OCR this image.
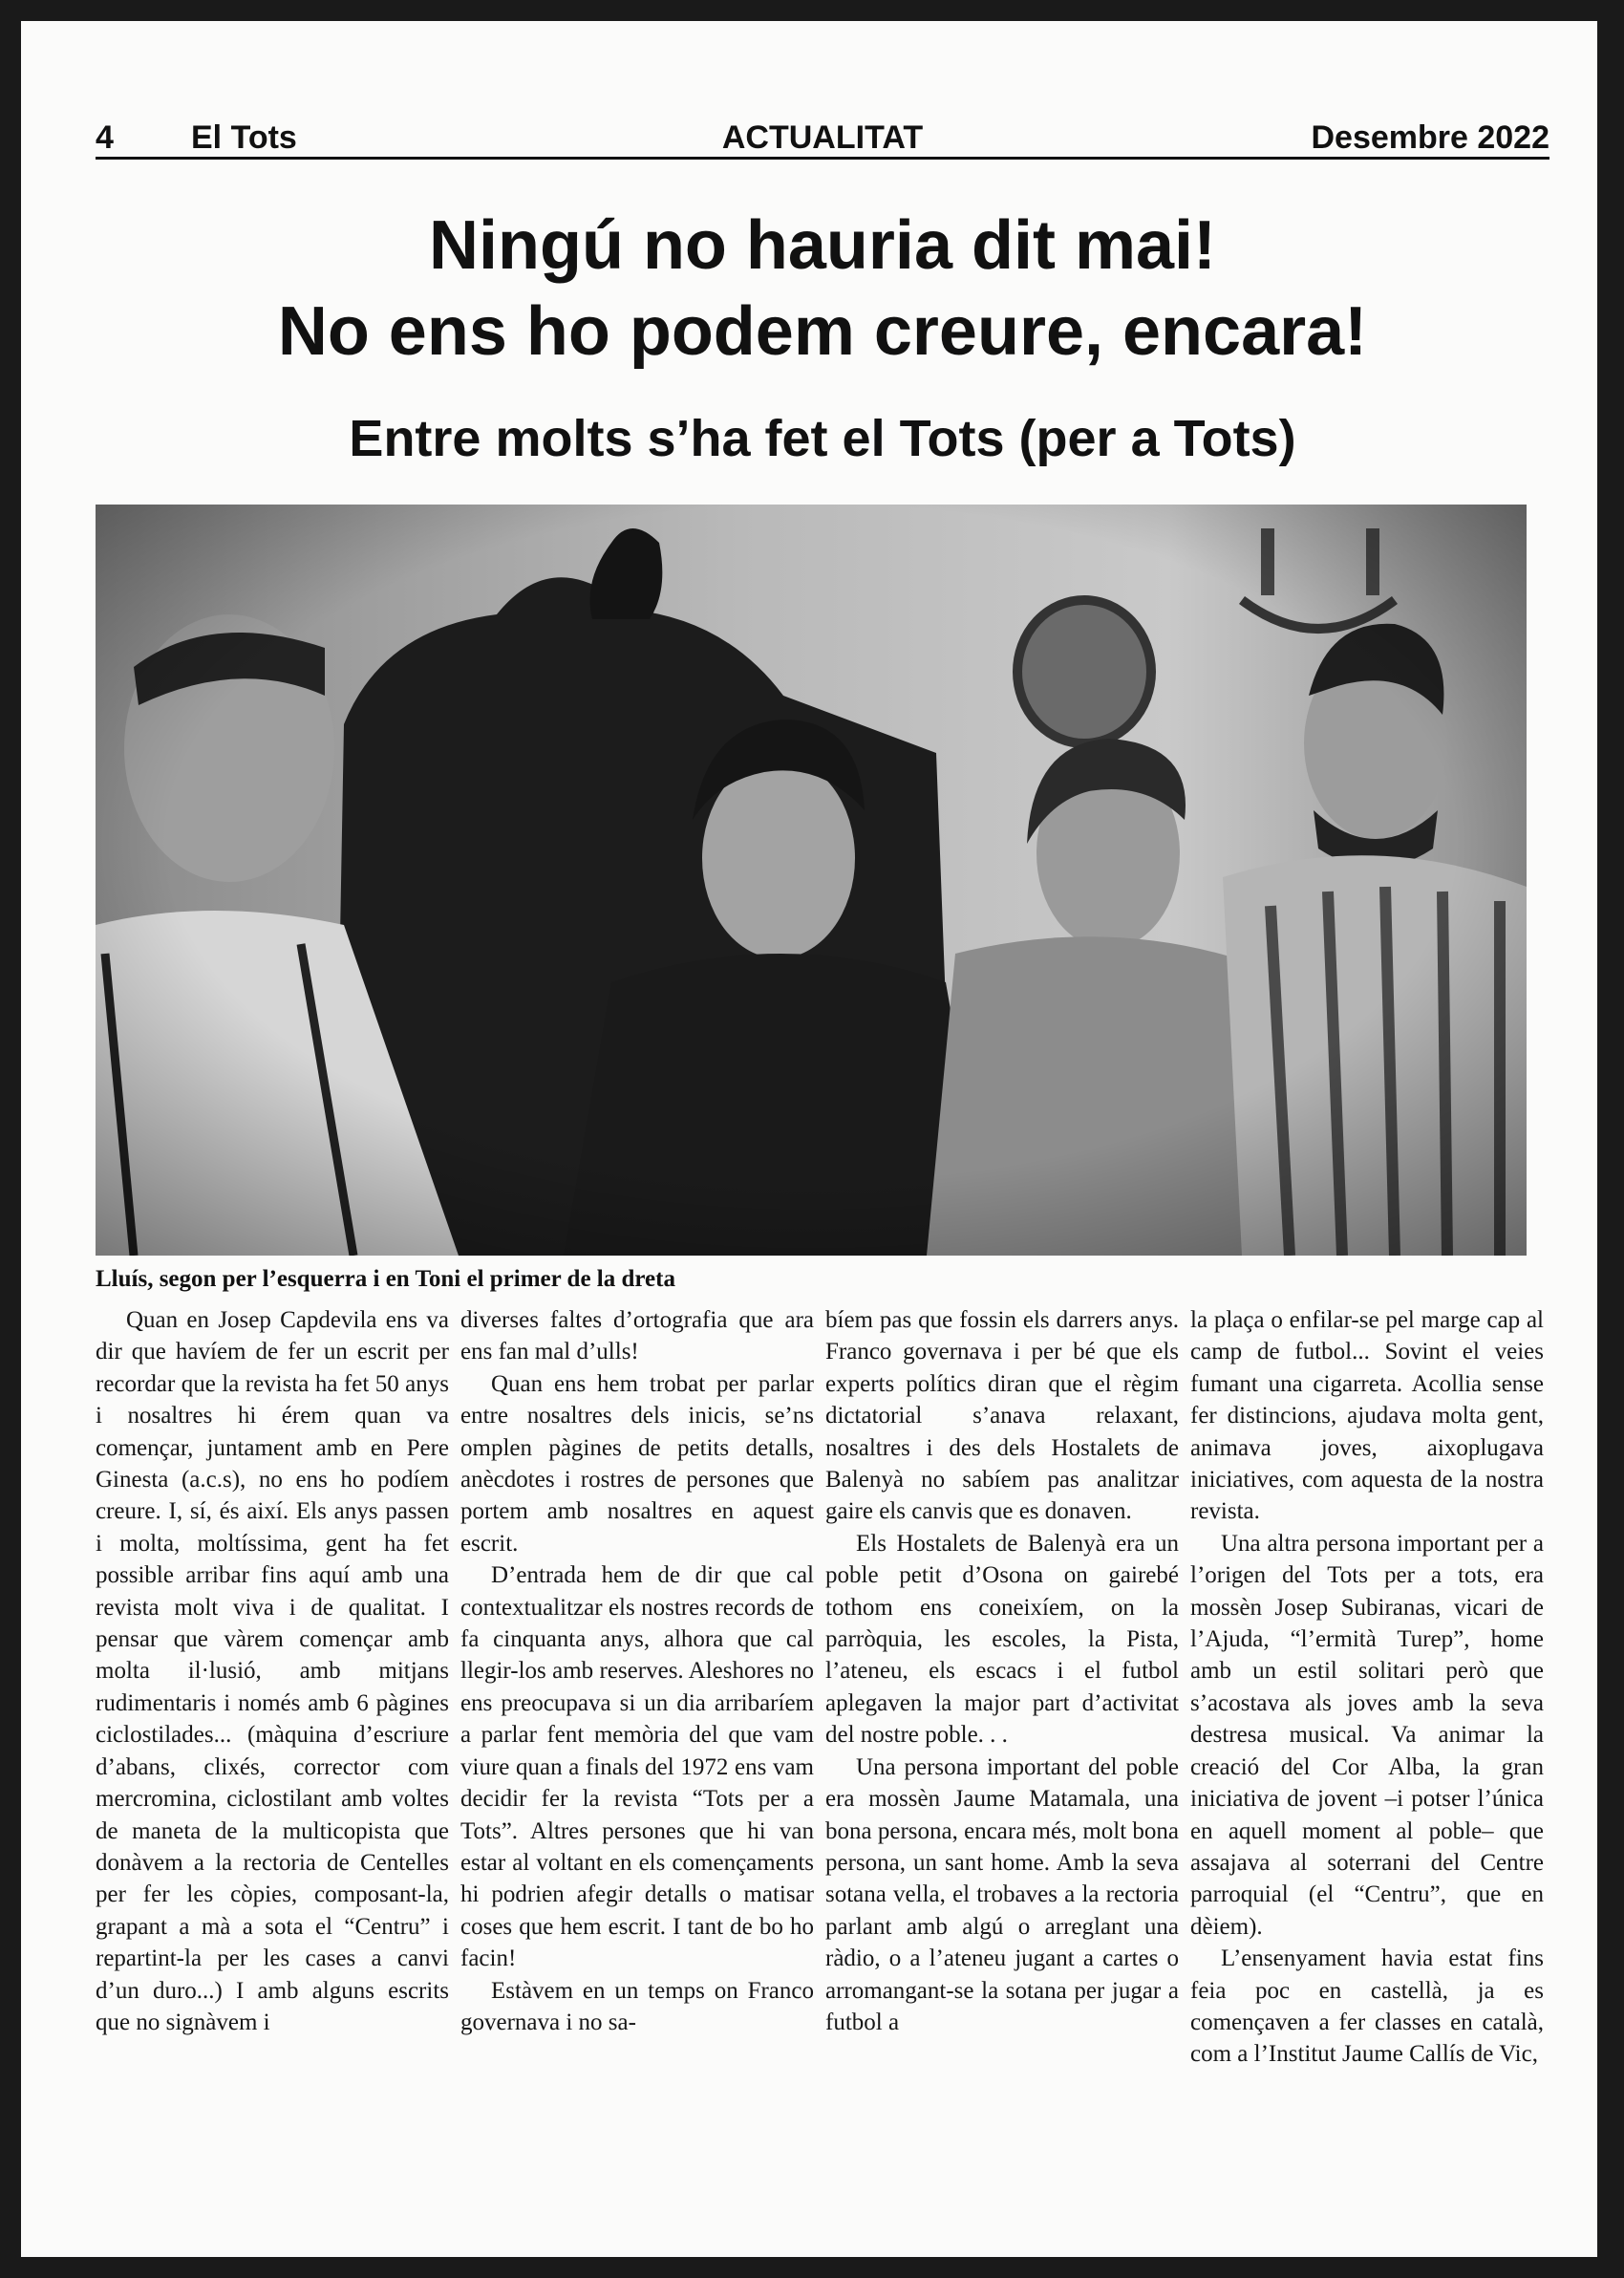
4 El Tots	ACTUALITAT	Desembre 2022
Ningú no hauria dit mai!
No ens ho podem creure, encara!
Entre molts s’ha fet el Tots (per a Tots)
Lluís, segon per l’esquerra i en Toni el primer de la dreta

Quan en Josep Capdevila ens va dir que havíem de fer un escrit per recordar que la revista ha fet 50 anys i nosaltres hi érem quan va començar, juntament amb en Pere Ginesta (a.c.s), no ens ho podíem creure. I, sí, és així. Els anys passen i molta, moltíssima, gent ha fet possible arribar fins aquí amb una revista molt viva i de qualitat. I pensar que vàrem començar amb molta il·lusió, amb mitjans rudimentaris i només amb 6 pàgines ciclostilades... (màquina d’escriure d’abans, clixés, corrector com mercromina, ciclostilant amb voltes de maneta de la multicopista que donàvem a la rectoria de Centelles per fer les còpies, composant-la, grapant a mà a sota el “Centru” i repartint-la per les cases a canvi d’un duro...) I amb alguns escrits que no signàvem i

diverses faltes d’ortografia que ara ens fan mal d’ulls!

Quan ens hem trobat per parlar entre nosaltres dels inicis, se’ns omplen pàgines de petits detalls, anècdotes i rostres de persones que portem amb nosaltres en aquest escrit.

D’entrada hem de dir que cal contextualitzar els nostres records de fa cinquanta anys, alhora que cal llegir-los amb reserves. Aleshores no ens preocupava si un dia arribaríem a parlar fent memòria del que vam viure quan a finals del 1972 ens vam decidir fer la revista “Tots per a Tots”. Altres persones que hi van estar al voltant en els començaments hi podrien afegir detalls o matisar coses que hem escrit. I tant de bo ho facin!

Estàvem en un temps on Franco governava i no sa-

bíem pas que fossin els darrers anys. Franco governava i per bé que els experts polítics diran que el règim dictatorial s’anava relaxant, nosaltres i des dels Hostalets de Balenyà no sabíem pas analitzar gaire els canvis que es donaven.

Els Hostalets de Balenyà era un poble petit d’Osona on gairebé tothom ens coneixíem, on la parròquia, les escoles, la Pista, l’ateneu, els escacs i el futbol aplegaven la major part d’activitat del nostre poble. . .

Una persona important del poble era mossèn Jaume Matamala, una bona persona, encara més, molt bona persona, un sant home. Amb la seva sotana vella, el trobaves a la rectoria parlant amb algú o arreglant una ràdio, o a l’ateneu jugant a cartes o arromangant-se la sotana per jugar a futbol a

la plaça o enfilar-se pel marge cap al camp de futbol... Sovint el veies fumant una cigarreta. Acollia sense fer distincions, ajudava molta gent, animava joves, aixoplugava iniciatives, com aquesta de la nostra revista.

Una altra persona important per a l’origen del Tots per a tots, era mossèn Josep Subiranas, vicari de l’Ajuda, “l’ermità Turep”, home amb un estil solitari però que s’acostava als joves amb la seva destresa musical. Va animar la creació del Cor Alba, la gran iniciativa de jovent –i potser l’única en aquell moment al poble– que assajava al soterrani del Centre parroquial (el “Centru”, que en dèiem).

L’ensenyament havia estat fins feia poc en castellà, ja es començaven a fer classes en català, com a l’Institut Jaume Callís de Vic,
